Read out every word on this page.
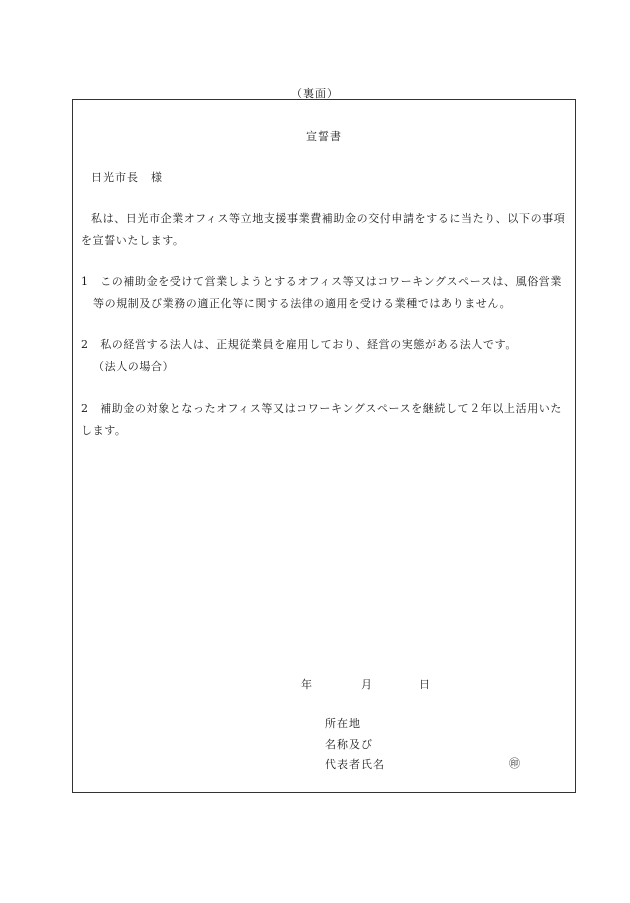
（裏面）
宣誓書
日光市長　様
私は、日光市企業オフィス等立地支援事業費補助金の交付申請をするに当たり、以下の事項
を宣誓いたします。
1　この補助金を受けて営業しようとするオフィス等又はコワーキングスペースは、風俗営業
等の規制及び業務の適正化等に関する法律の適用を受ける業種ではありません。
2　私の経営する法人は、正規従業員を雇用しており、経営の実態がある法人です。
（法人の場合）
2　補助金の対象となったオフィス等又はコワーキングスペースを継続して２年以上活用いた
します。
年	月	日
所在地
名称及び
代表者氏名	㊞
